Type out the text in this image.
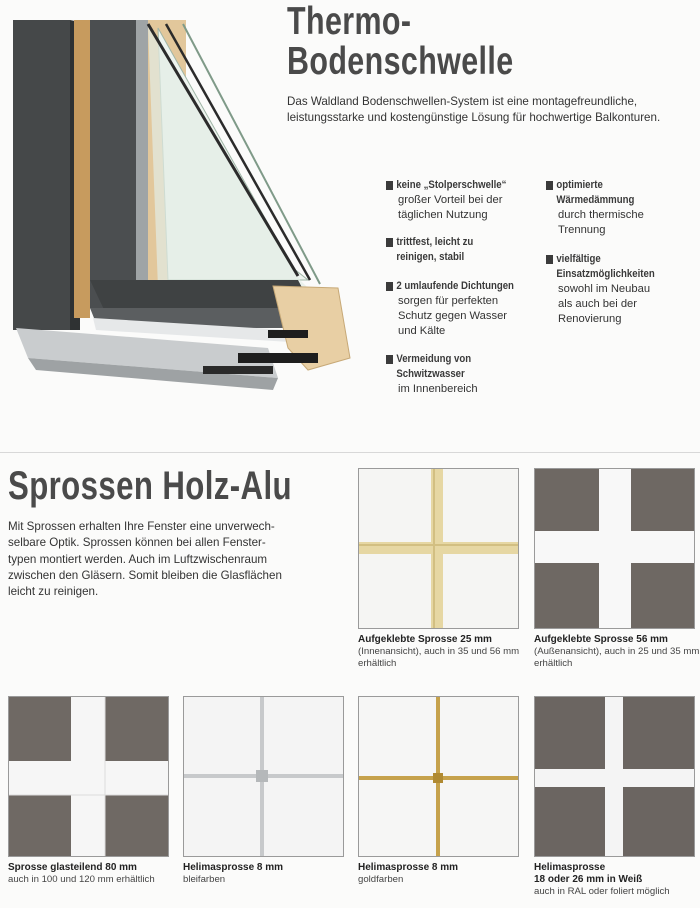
Thermo-
Bodenschwelle
Das Waldland Bodenschwellen-System ist eine montagefreundliche,
leistungsstarke und kostengünstige Lösung für hochwertige Balkonturen.
keine „Stolperschwelle“
großer Vorteil bei der
täglichen Nutzung
trittfest, leicht zu
reinigen, stabil
2 umlaufende Dichtungen
sorgen für perfekten
Schutz gegen Wasser
und Kälte
Vermeidung von
Schwitzwasser
im Innenbereich
optimierte
Wärmedämmung
durch thermische
Trennung
vielfältige
Einsatzmöglichkeiten
sowohl im Neubau
als auch bei der
Renovierung
Sprossen Holz-Alu
Mit Sprossen erhalten Ihre Fenster eine unverwech-
selbare Optik. Sprossen können bei allen Fenster-
typen montiert werden. Auch im Luftzwischenraum
zwischen den Gläsern. Somit bleiben die Glasflächen
leicht zu reinigen.
Aufgeklebte Sprosse 25 mm
(Innenansicht), auch in 35 und 56 mm
erhältlich
Aufgeklebte Sprosse 56 mm
(Außenansicht), auch in 25 und 35 mm
erhältlich
Sprosse glasteilend 80 mm
auch in 100 und 120 mm erhältlich
Helimasprosse 8 mm
bleifarben
Helimasprosse 8 mm
goldfarben
Helimasprosse
18 oder 26 mm in Weiß
auch in RAL oder foliert möglich
